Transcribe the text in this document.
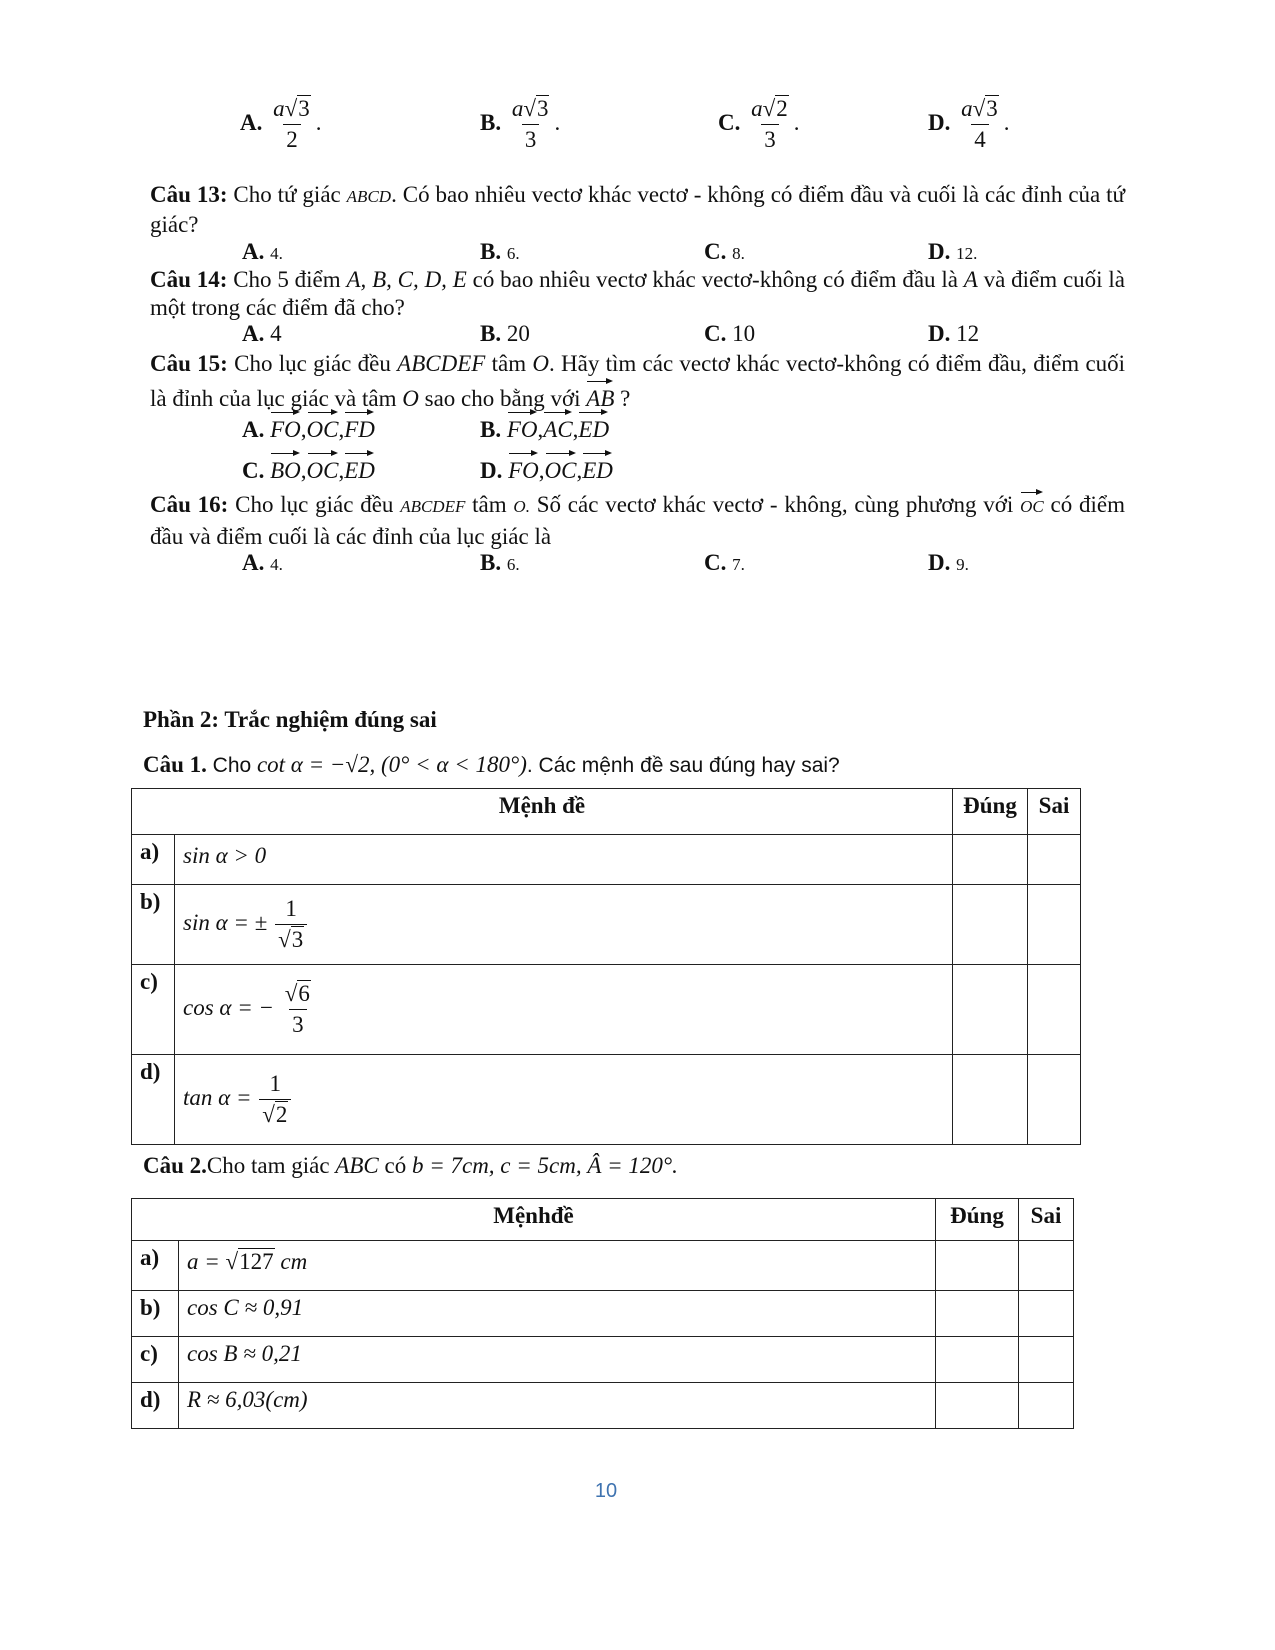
A. $\frac{a√3}{2}$ .	B. $\frac{a√3}{3}$ .	C. $\frac{a√2}{3}$ .	D. $\frac{a√3}{4}$ .
Câu 13: Cho tứ giác ABCD. Có bao nhiêu vectơ khác vectơ - không có điểm đầu và cuối là các đỉnh của tứ giác?
A. 4.	B. 6.	C. 8.	D. 12.
Câu 14: Cho 5 điểm A, B, C, D, E có bao nhiêu vectơ khác vectơ-không có điểm đầu là A và điểm cuối là một trong các điểm đã cho?
A. 4	B. 20	C. 10	D. 12
Câu 15: Cho lục giác đều ABCDEF tâm O. Hãy tìm các vectơ khác vectơ-không có điểm đầu, điểm cuối là đỉnh của lục giác và tâm O sao cho bằng với AB ?
A. FO,OC,FD	B. FO,AC,ED
C. BO,OC,ED	D. FO,OC,ED
Câu 16: Cho lục giác đều ABCDEF tâm O. Số các vectơ khác vectơ - không, cùng phương với OC có điểm đầu và điểm cuối là các đỉnh của lục giác là
A. 4.	B. 6.	C. 7.	D. 9.
Phần 2: Trắc nghiệm đúng sai
Câu 1. Cho cot α = −√2, (0° < α < 180°). Các mệnh đề sau đúng hay sai?
Mệnh đề		Đúng	Sai
a)	sin α > 0		
b)	sin α = ± $\frac{1}{√3}$

c)	cos α = − $\frac{√6}{3}$

d)	$\tan \alpha = \frac{1}{√2}$

Câu 2.Cho tam giác ABC có b = 7cm, c = 5cm, Â = 120°.
Mệnhđề		Đúng	Sai
a)	a = √127 cm		
b)	cos C ≈ 0,91		
c)	cos B ≈ 0,21		
d)	R ≈ 6,03(cm)		
10
